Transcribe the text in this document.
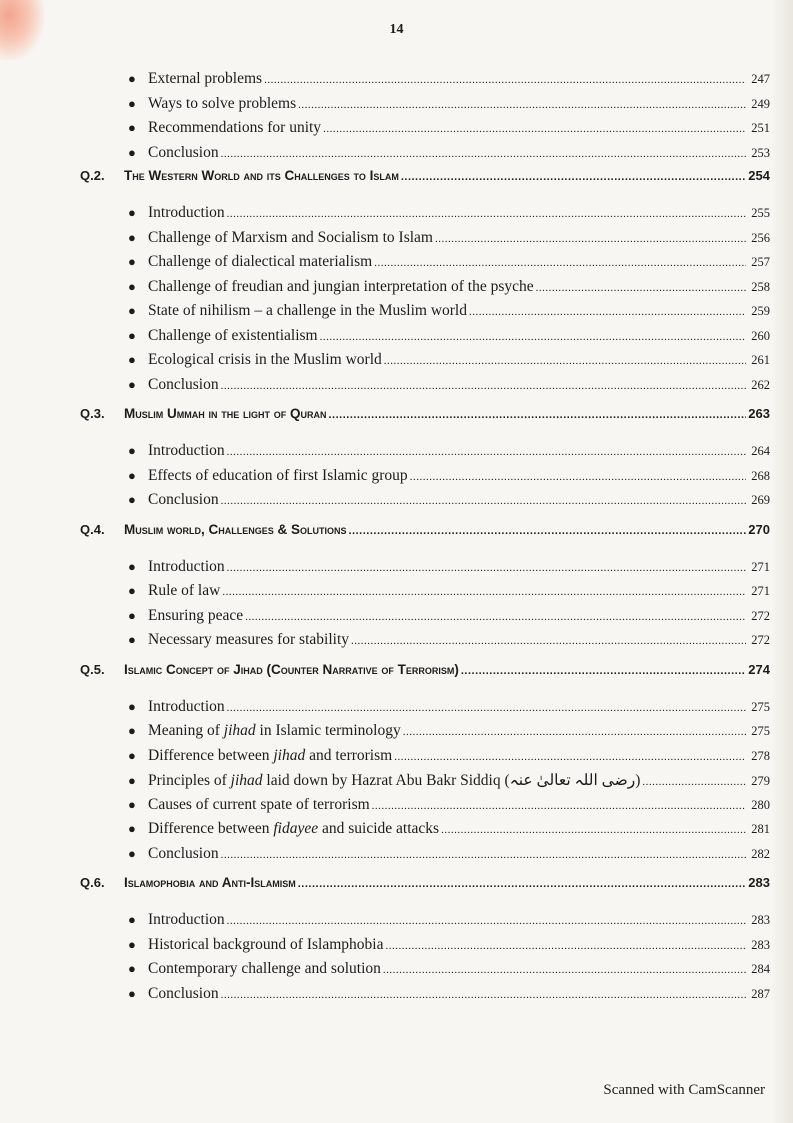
14
● External problems .....	247
● Ways to solve problems .....	249
● Recommendations for unity .....	251
● Conclusion .....	253
Q.2.	The Western World and its Challenges to Islam .....	254
● Introduction .....	255
● Challenge of Marxism and Socialism to Islam .....	256
● Challenge of dialectical materialism .....	257
● Challenge of freudian and jungian interpretation of the psyche .....	258
● State of nihilism – a challenge in the Muslim world .....	259
● Challenge of existentialism .....	260
● Ecological crisis in the Muslim world .....	261
● Conclusion .....	262
Q.3.	Muslim Ummah in the light of Quran .....	263
● Introduction .....	264
● Effects of education of first Islamic group .....	268
● Conclusion .....	269
Q.4.	Muslim world, Challenges & Solutions .....	270
● Introduction .....	271
● Rule of law .....	271
● Ensuring peace .....	272
● Necessary measures for stability .....	272
Q.5.	Islamic Concept of Jihad (Counter Narrative of Terrorism) .....	274
● Introduction .....	275
● Meaning of jihad in Islamic terminology .....	275
● Difference between jihad and terrorism .....	278
● Principles of jihad laid down by Hazrat Abu Bakr Siddiq (رضی اللہ تعالیٰ عنہ) .....	279
● Causes of current spate of terrorism .....	280
● Difference between fidayee and suicide attacks .....	281
● Conclusion .....	282
Q.6.	Islamophobia and Anti-Islamism .....	283
● Introduction .....	283
● Historical background of Islamphobia .....	283
● Contemporary challenge and solution .....	284
● Conclusion .....	287
Scanned with CamScanner
